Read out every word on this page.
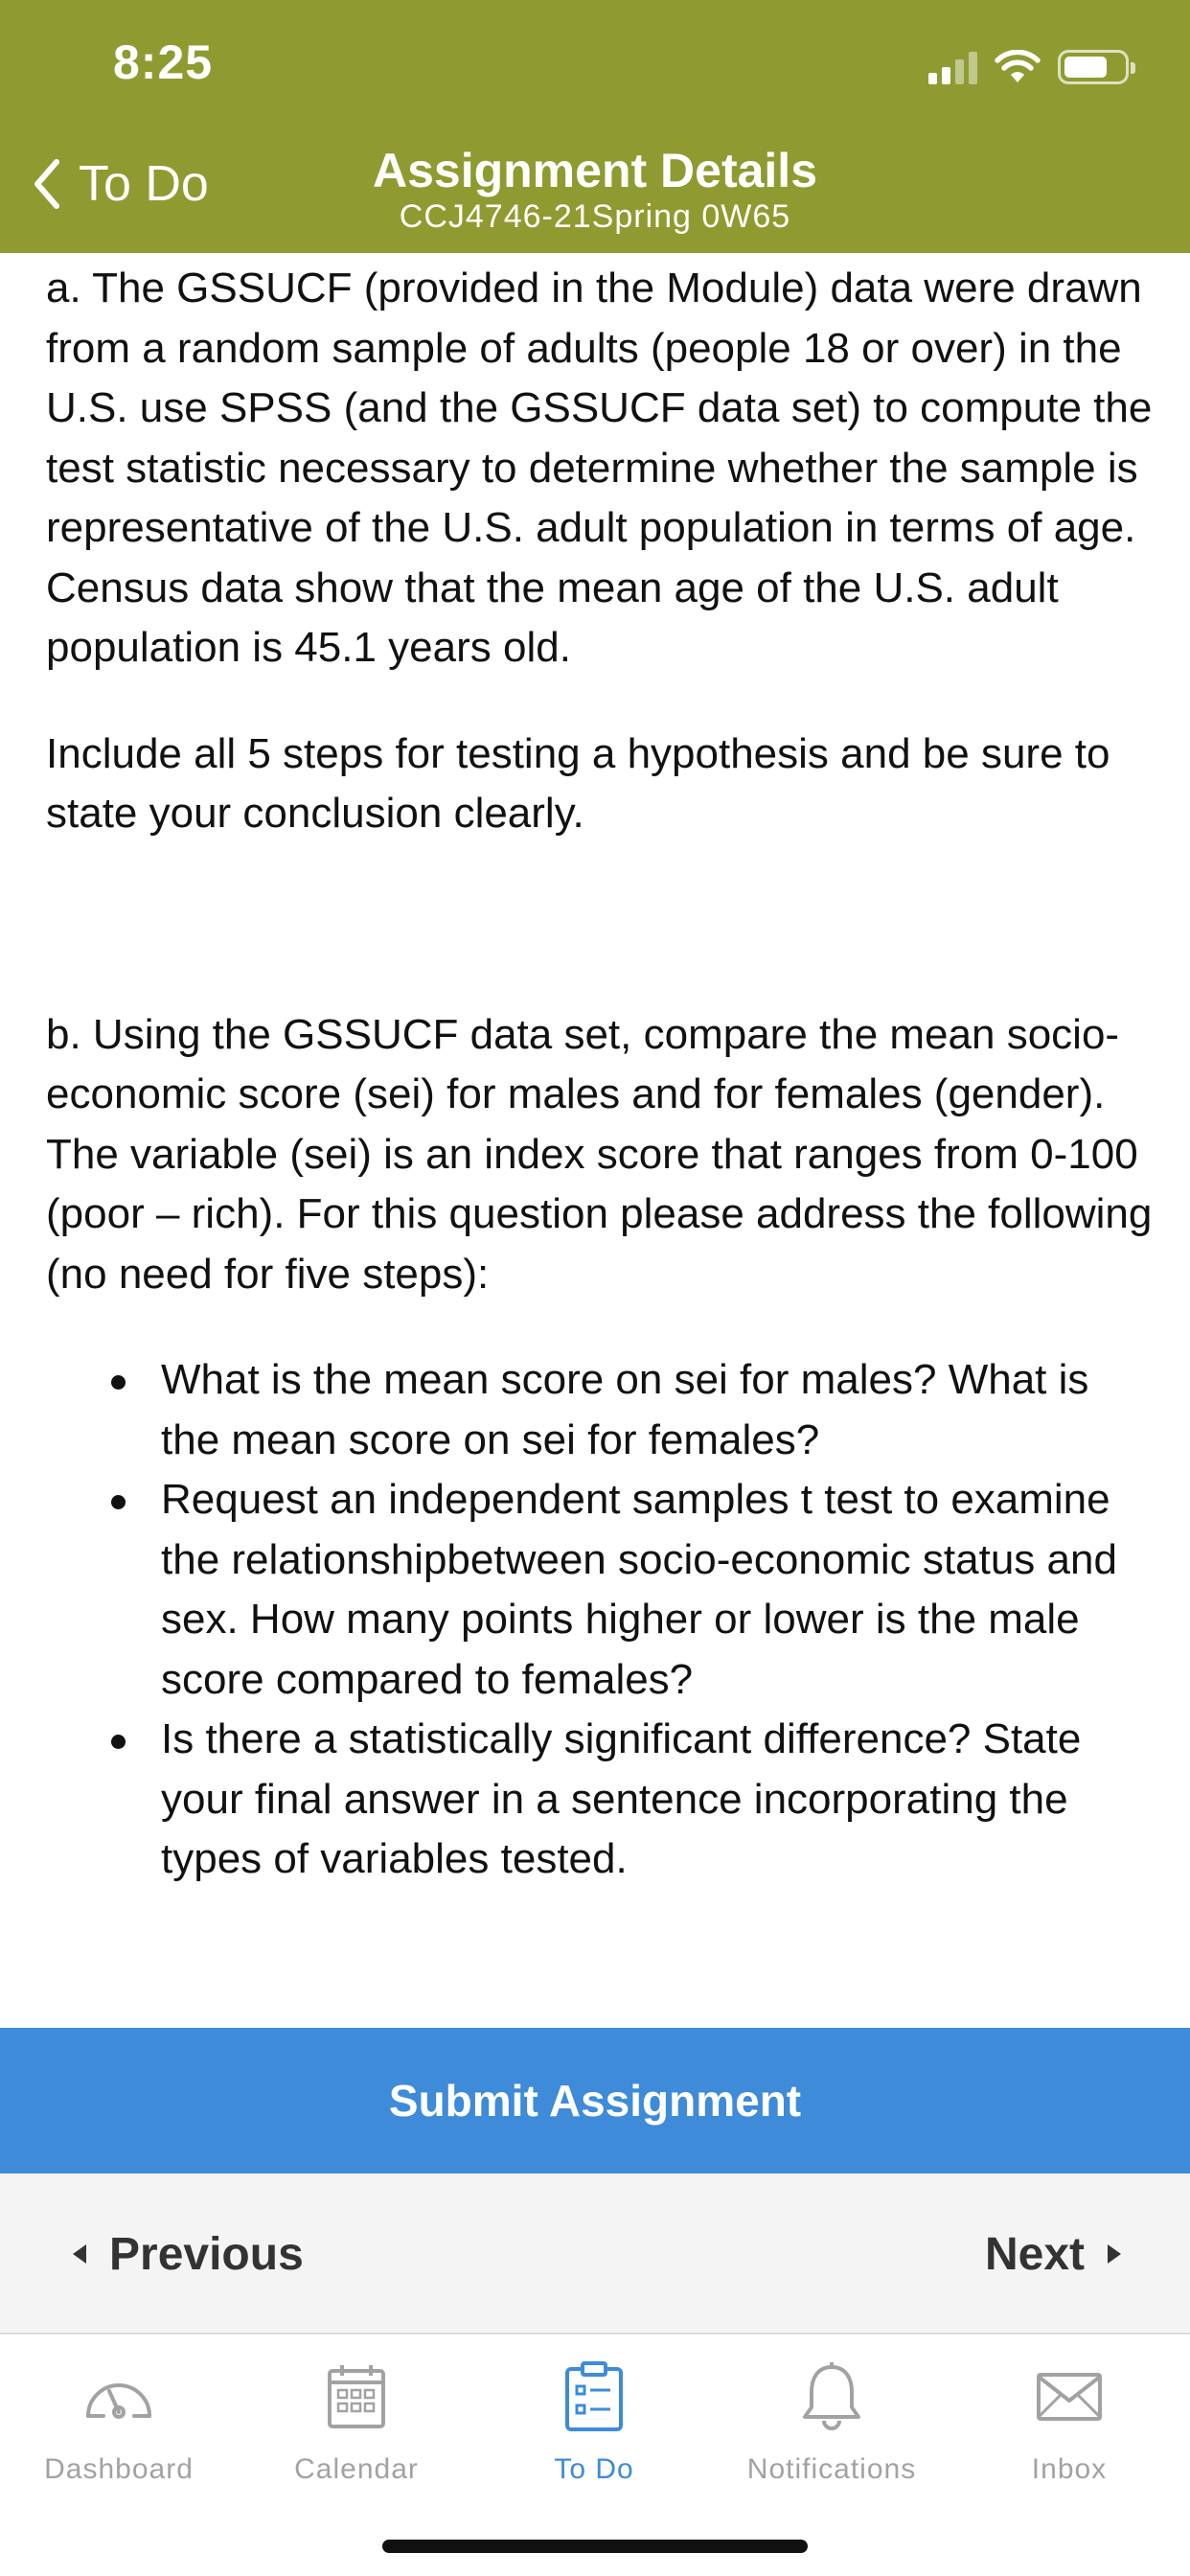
8:25
To Do	Assignment Details
CCJ4746-21Spring 0W65

a. The GSSUCF (provided in the Module) data were drawn from a random sample of adults (people 18 or over) in the U.S. use SPSS (and the GSSUCF data set) to compute the test statistic necessary to determine whether the sample is representative of the U.S. adult population in terms of age. Census data show that the mean age of the U.S. adult population is 45.1 years old.

Include all 5 steps for testing a hypothesis and be sure to state your conclusion clearly.

b. Using the GSSUCF data set, compare the mean socio-economic score (sei) for males and for females (gender). The variable (sei) is an index score that ranges from 0-100 (poor – rich). For this question please address the following (no need for five steps):

What is the mean score on sei for males? What is the mean score on sei for females?
Request an independent samples t test to examine the relationshipbetween socio-economic status and sex. How many points higher or lower is the male score compared to females?
Is there a statistically significant difference? State your final answer in a sentence incorporating the types of variables tested.
Submit Assignment
Previous	Next
Dashboard	Calendar	To Do	Notifications	Inbox
